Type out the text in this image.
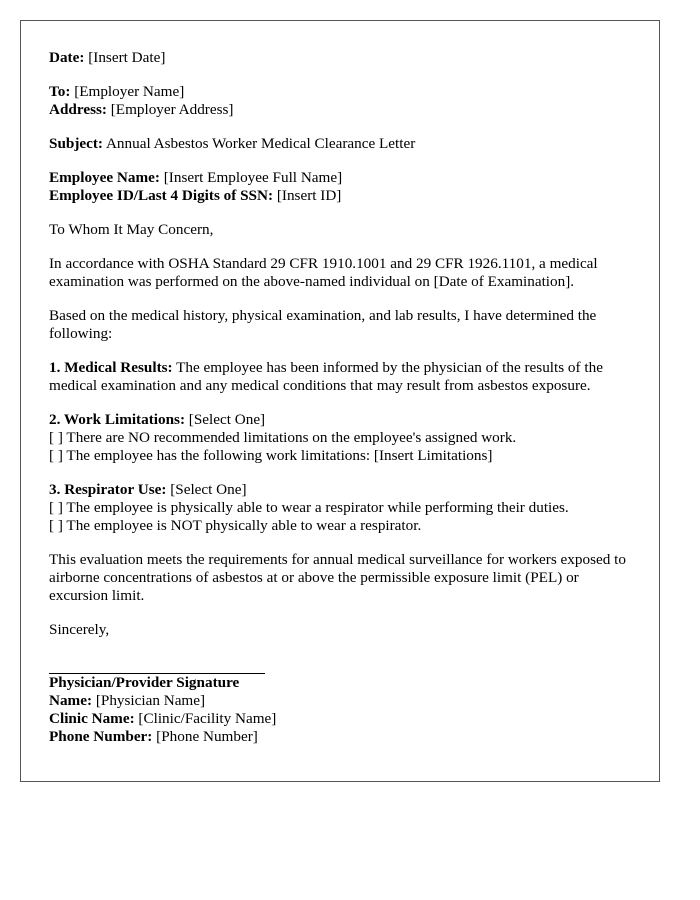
Date: [Insert Date]

To: [Employer Name]
Address: [Employer Address]

Subject: Annual Asbestos Worker Medical Clearance Letter

Employee Name: [Insert Employee Full Name]
Employee ID/Last 4 Digits of SSN: [Insert ID]

To Whom It May Concern,

In accordance with OSHA Standard 29 CFR 1910.1001 and 29 CFR 1926.1101, a medical examination was performed on the above-named individual on [Date of Examination].

Based on the medical history, physical examination, and lab results, I have determined the following:

1. Medical Results: The employee has been informed by the physician of the results of the medical examination and any medical conditions that may result from asbestos exposure.

2. Work Limitations: [Select One]
[ ] There are NO recommended limitations on the employee's assigned work.
[ ] The employee has the following work limitations: [Insert Limitations]

3. Respirator Use: [Select One]
[ ] The employee is physically able to wear a respirator while performing their duties.
[ ] The employee is NOT physically able to wear a respirator.

This evaluation meets the requirements for annual medical surveillance for workers exposed to airborne concentrations of asbestos at or above the permissible exposure limit (PEL) or excursion limit.

Sincerely,

Physician/Provider Signature
Name: [Physician Name]
Clinic Name: [Clinic/Facility Name]
Phone Number: [Phone Number]
